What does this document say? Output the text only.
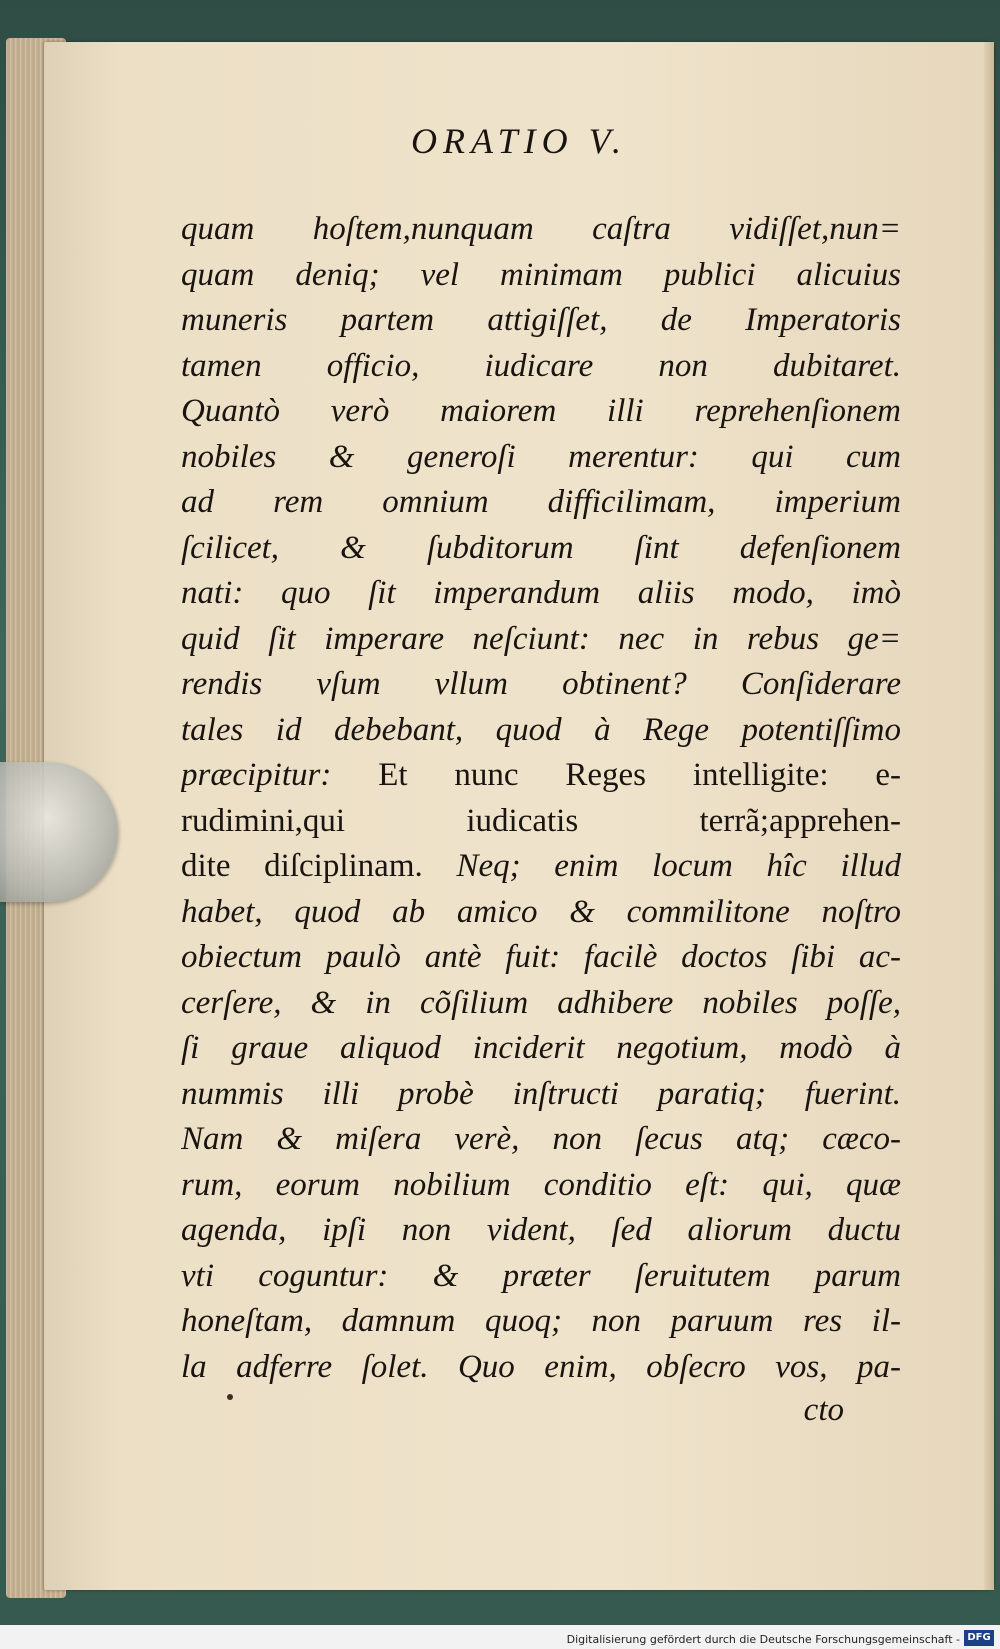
ORATIO V.
quam hoſtem,nunquam caſtra vidiſſet,nun=
quam deniq; vel minimam publici alicuius
muneris partem attigiſſet, de Imperatoris
tamen officio, iudicare non dubitaret.
Quantò verò maiorem illi reprehenſionem
nobiles & generoſi merentur: qui cum
ad rem omnium difficilimam, imperium
ſcilicet, & ſubditorum ſint defenſionem
nati: quo ſit imperandum aliis modo, imò
quid ſit imperare neſciunt: nec in rebus ge=
rendis vſum vllum obtinent? Conſiderare
tales id debebant, quod à Rege potentiſſimo
præcipitur: Et nunc Reges intelligite: e-
rudimini,qui iudicatis terrã;apprehen-
dite diſciplinam. Neq; enim locum hîc illud
habet, quod ab amico & commilitone noſtro
obiectum paulò antè fuit: facilè doctos ſibi ac-
cerſere, & in cõſilium adhibere nobiles poſſe,
ſi graue aliquod inciderit negotium, modò à
nummis illi probè inſtructi paratiq; fuerint.
Nam & miſera verè, non ſecus atq; cæco-
rum, eorum nobilium conditio eſt: qui, quæ
agenda, ipſi non vident, ſed aliorum ductu
vti coguntur: & præter ſeruitutem parum
honeſtam, damnum quoq; non paruum res il-
la adferre ſolet. Quo enim, obſecro vos, pa-
cto
Digitalisierung gefördert durch die Deutsche Forschungsgemeinschaft - DFG
